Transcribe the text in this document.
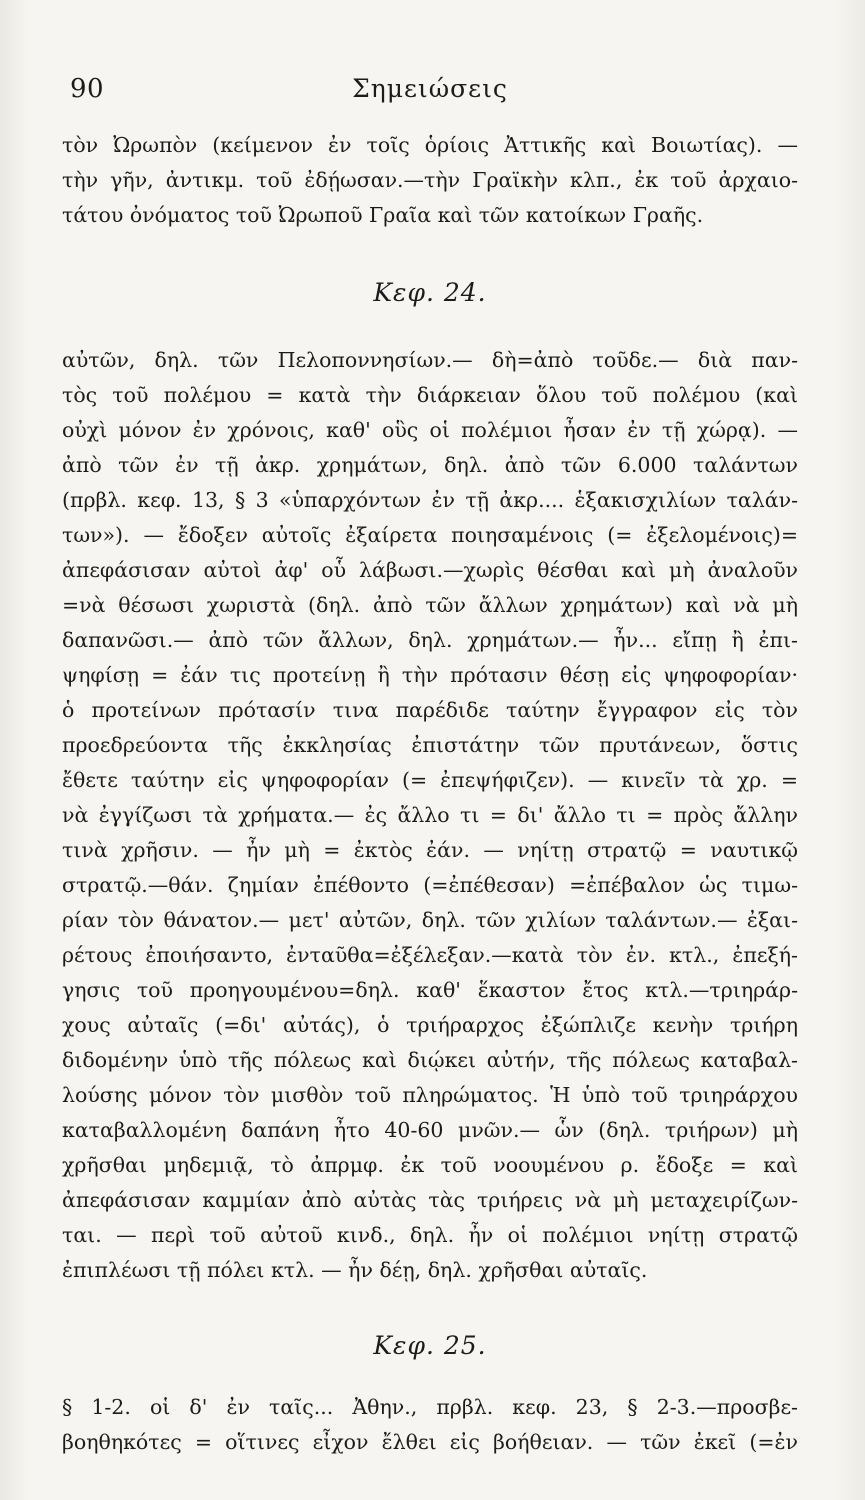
90	Σημειώσεις
τὸν Ὠρωπὸν (κείμενον ἐν τοῖς ὁρίοις Ἀττικῆς καὶ Βοιωτίας). —
τὴν γῆν, ἀντικμ. τοῦ ἐδῄωσαν.—τὴν Γραϊκὴν κλπ., ἐκ τοῦ ἀρχαιο-
τάτου ὀνόματος τοῦ Ὠρωποῦ Γραῖα καὶ τῶν κατοίκων Γραῆς.
Κεφ. 24.
αὐτῶν, δηλ. τῶν Πελοποννησίων.— δὴ=ἀπὸ τοῦδε.— διὰ παν-
τὸς τοῦ πολέμου = κατὰ τὴν διάρκειαν ὅλου τοῦ πολέμου (καὶ
οὐχὶ μόνον ἐν χρόνοις, καθ' οὓς οἱ πολέμιοι ἦσαν ἐν τῇ χώρᾳ). —
ἀπὸ τῶν ἐν τῇ ἀκρ. χρημάτων, δηλ. ἀπὸ τῶν 6.000 ταλάντων
(πρβλ. κεφ. 13, § 3 «ὑπαρχόντων ἐν τῇ ἀκρ.... ἑξακισχιλίων ταλάν-
των»). — ἔδοξεν αὐτοῖς ἐξαίρετα ποιησαμένοις (= ἐξελομένοις)=
ἀπεφάσισαν αὐτοὶ ἀφ' οὗ λάβωσι.—χωρὶς θέσθαι καὶ μὴ ἀναλοῦν
=νὰ θέσωσι χωριστὰ (δηλ. ἀπὸ τῶν ἄλλων χρημάτων) καὶ νὰ μὴ
δαπανῶσι.— ἀπὸ τῶν ἄλλων, δηλ. χρημάτων.— ἦν... εἴπῃ ἢ ἐπι-
ψηφίσῃ = ἐάν τις προτείνῃ ἢ τὴν πρότασιν θέσῃ εἰς ψηφοφορίαν·
ὁ προτείνων πρότασίν τινα παρέδιδε ταύτην ἔγγραφον εἰς τὸν
προεδρεύοντα τῆς ἐκκλησίας ἐπιστάτην τῶν πρυτάνεων, ὅστις
ἔθετε ταύτην εἰς ψηφοφορίαν (= ἐπεψήφιζεν). — κινεῖν τὰ χρ. =
νὰ ἐγγίζωσι τὰ χρήματα.— ἐς ἄλλο τι = δι' ἄλλο τι = πρὸς ἄλλην
τινὰ χρῆσιν. — ἦν μὴ = ἐκτὸς ἐάν. — νηίτῃ στρατῷ = ναυτικῷ
στρατῷ.—θάν. ζημίαν ἐπέθοντο (=ἐπέθεσαν) =ἐπέβαλον ὡς τιμω-
ρίαν τὸν θάνατον.— μετ' αὐτῶν, δηλ. τῶν χιλίων ταλάντων.— ἐξαι-
ρέτους ἐποιήσαντο, ἐνταῦθα=ἐξέλεξαν.—κατὰ τὸν ἐν. κτλ., ἐπεξή-
γησις τοῦ προηγουμένου=δηλ. καθ' ἕκαστον ἔτος κτλ.—τριηράρ-
χους αὐταῖς (=δι' αὐτάς), ὁ τριήραρχος ἐξώπλιζε κενὴν τριήρη
διδομένην ὑπὸ τῆς πόλεως καὶ διῴκει αὐτήν, τῆς πόλεως καταβαλ-
λούσης μόνον τὸν μισθὸν τοῦ πληρώματος. Ἡ ὑπὸ τοῦ τριηράρχου
καταβαλλομένη δαπάνη ἦτο 40-60 μνῶν.— ὧν (δηλ. τριήρων) μὴ
χρῆσθαι μηδεμιᾷ, τὸ ἀπρμφ. ἐκ τοῦ νοουμένου ρ. ἔδοξε = καὶ
ἀπεφάσισαν καμμίαν ἀπὸ αὐτὰς τὰς τριήρεις νὰ μὴ μεταχειρίζων-
ται. — περὶ τοῦ αὐτοῦ κινδ., δηλ. ἦν οἱ πολέμιοι νηίτῃ στρατῷ
ἐπιπλέωσι τῇ πόλει κτλ. — ἦν δέῃ, δηλ. χρῆσθαι αὐταῖς.
Κεφ. 25.
§ 1-2. οἱ δ' ἐν ταῖς... Ἀθην., πρβλ. κεφ. 23, § 2-3.—προσβε-
βοηθηκότες = οἵτινες εἶχον ἔλθει εἰς βοήθειαν. — τῶν ἐκεῖ (=ἐν
